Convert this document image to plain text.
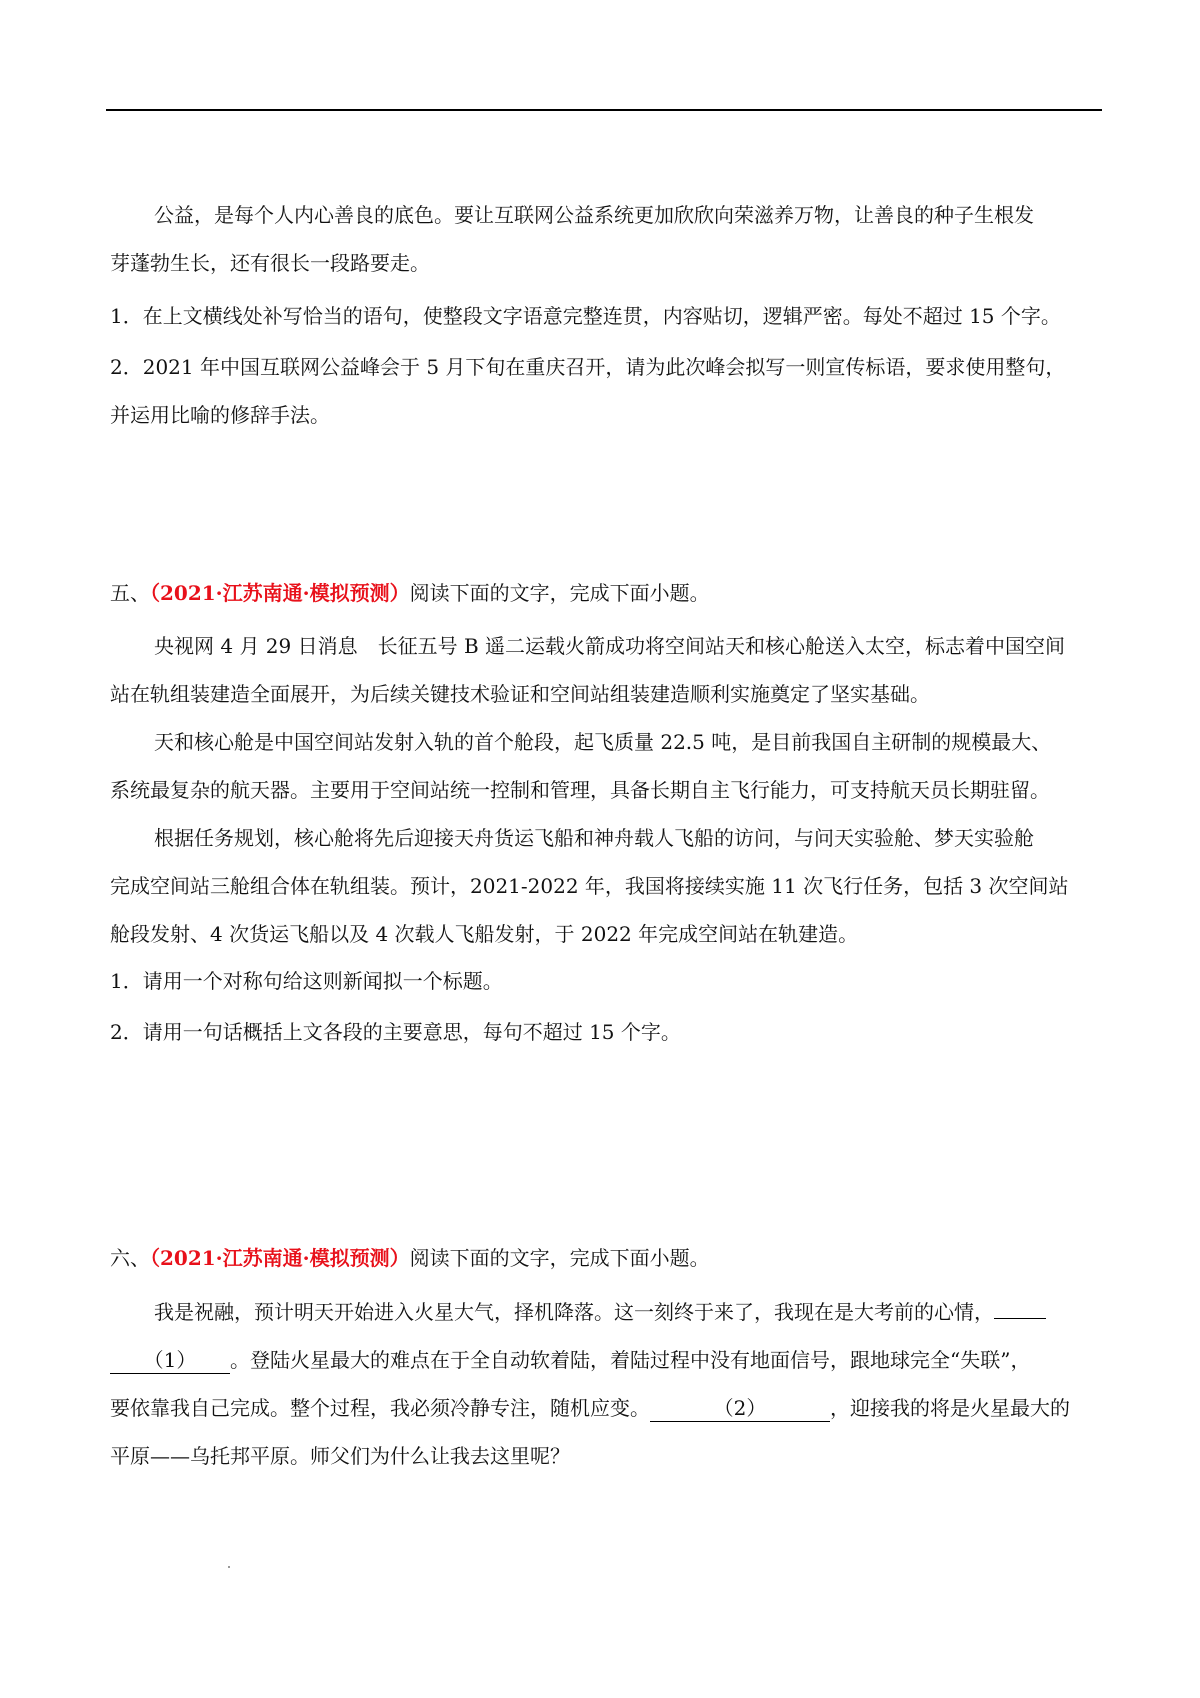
公益，是每个人内心善良的底色。要让互联网公益系统更加欣欣向荣滋养万物，让善良的种子生根发
芽蓬勃生长，还有很长一段路要走。
1．在上文横线处补写恰当的语句，使整段文字语意完整连贯，内容贴切，逻辑严密。每处不超过 15 个字。
2．2021 年中国互联网公益峰会于 5 月下旬在重庆召开，请为此次峰会拟写一则宣传标语，要求使用整句，
并运用比喻的修辞手法。
五、（2021·江苏南通·模拟预测）阅读下面的文字，完成下面小题。
央视网 4 月 29 日消息　长征五号 B 遥二运载火箭成功将空间站天和核心舱送入太空，标志着中国空间
站在轨组装建造全面展开，为后续关键技术验证和空间站组装建造顺利实施奠定了坚实基础。
天和核心舱是中国空间站发射入轨的首个舱段，起飞质量 22.5 吨，是目前我国自主研制的规模最大、
系统最复杂的航天器。主要用于空间站统一控制和管理，具备长期自主飞行能力，可支持航天员长期驻留。
根据任务规划，核心舱将先后迎接天舟货运飞船和神舟载人飞船的访问，与问天实验舱、梦天实验舱
完成空间站三舱组合体在轨组装。预计，2021-2022 年，我国将接续实施 11 次飞行任务，包括 3 次空间站
舱段发射、4 次货运飞船以及 4 次载人飞船发射，于 2022 年完成空间站在轨建造。
1．请用一个对称句给这则新闻拟一个标题。
2．请用一句话概括上文各段的主要意思，每句不超过 15 个字。
六、（2021·江苏南通·模拟预测）阅读下面的文字，完成下面小题。
我是祝融，预计明天开始进入火星大气，择机降落。这一刻终于来了，我现在是大考前的心情，
（1） 。登陆火星最大的难点在于全自动软着陆，着陆过程中没有地面信号，跟地球完全“失联”，
要依靠我自己完成。整个过程，我必须冷静专注，随机应变。	（2）	，迎接我的将是火星最大的
平原——乌托邦平原。师父们为什么让我去这里呢？
